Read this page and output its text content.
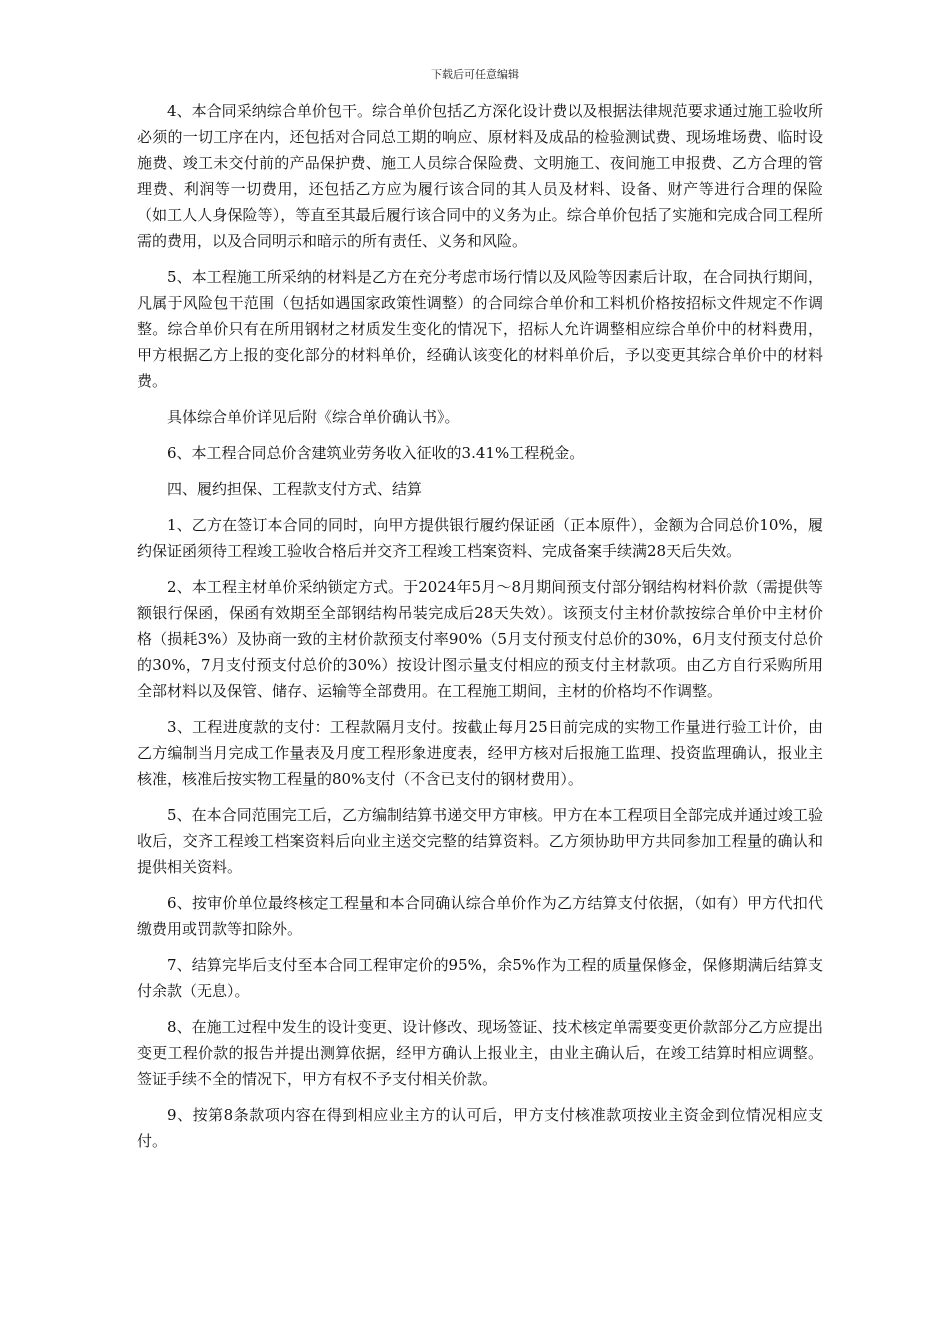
下载后可任意编辑

4、本合同采纳综合单价包干。综合单价包括乙方深化设计费以及根据法律规范要求通过施工验收所必须的一切工序在内，还包括对合同总工期的响应、原材料及成品的检验测试费、现场堆场费、临时设施费、竣工未交付前的产品保护费、施工人员综合保险费、文明施工、夜间施工申报费、乙方合理的管理费、利润等一切费用，还包括乙方应为履行该合同的其人员及材料、设备、财产等进行合理的保险（如工人人身保险等），等直至其最后履行该合同中的义务为止。综合单价包括了实施和完成合同工程所需的费用，以及合同明示和暗示的所有责任、义务和风险。

5、本工程施工所采纳的材料是乙方在充分考虑市场行情以及风险等因素后计取，在合同执行期间，凡属于风险包干范围（包括如遇国家政策性调整）的合同综合单价和工料机价格按招标文件规定不作调整。综合单价只有在所用钢材之材质发生变化的情况下，招标人允许调整相应综合单价中的材料费用，甲方根据乙方上报的变化部分的材料单价，经确认该变化的材料单价后，予以变更其综合单价中的材料费。

具体综合单价详见后附《综合单价确认书》。

6、本工程合同总价含建筑业劳务收入征收的3.41%工程税金。

四、履约担保、工程款支付方式、结算

1、乙方在签订本合同的同时，向甲方提供银行履约保证函（正本原件），金额为合同总价10%，履约保证函须待工程竣工验收合格后并交齐工程竣工档案资料、完成备案手续满28天后失效。

2、本工程主材单价采纳锁定方式。于2024年5月～8月期间预支付部分钢结构材料价款（需提供等额银行保函，保函有效期至全部钢结构吊装完成后28天失效）。该预支付主材价款按综合单价中主材价格（损耗3%）及协商一致的主材价款预支付率90%（5月支付预支付总价的30%，6月支付预支付总价的30%，7月支付预支付总价的30%）按设计图示量支付相应的预支付主材款项。由乙方自行采购所用全部材料以及保管、储存、运输等全部费用。在工程施工期间，主材的价格均不作调整。

3、工程进度款的支付：工程款隔月支付。按截止每月25日前完成的实物工作量进行验工计价，由乙方编制当月完成工作量表及月度工程形象进度表，经甲方核对后报施工监理、投资监理确认，报业主核准，核准后按实物工程量的80%支付（不含已支付的钢材费用）。

5、在本合同范围完工后，乙方编制结算书递交甲方审核。甲方在本工程项目全部完成并通过竣工验收后，交齐工程竣工档案资料后向业主送交完整的结算资料。乙方须协助甲方共同参加工程量的确认和提供相关资料。

6、按审价单位最终核定工程量和本合同确认综合单价作为乙方结算支付依据，（如有）甲方代扣代缴费用或罚款等扣除外。

7、结算完毕后支付至本合同工程审定价的95%，余5%作为工程的质量保修金，保修期满后结算支付余款（无息）。

8、在施工过程中发生的设计变更、设计修改、现场签证、技术核定单需要变更价款部分乙方应提出变更工程价款的报告并提出测算依据，经甲方确认上报业主，由业主确认后，在竣工结算时相应调整。签证手续不全的情况下，甲方有权不予支付相关价款。

9、按第8条款项内容在得到相应业主方的认可后，甲方支付核准款项按业主资金到位情况相应支付。
